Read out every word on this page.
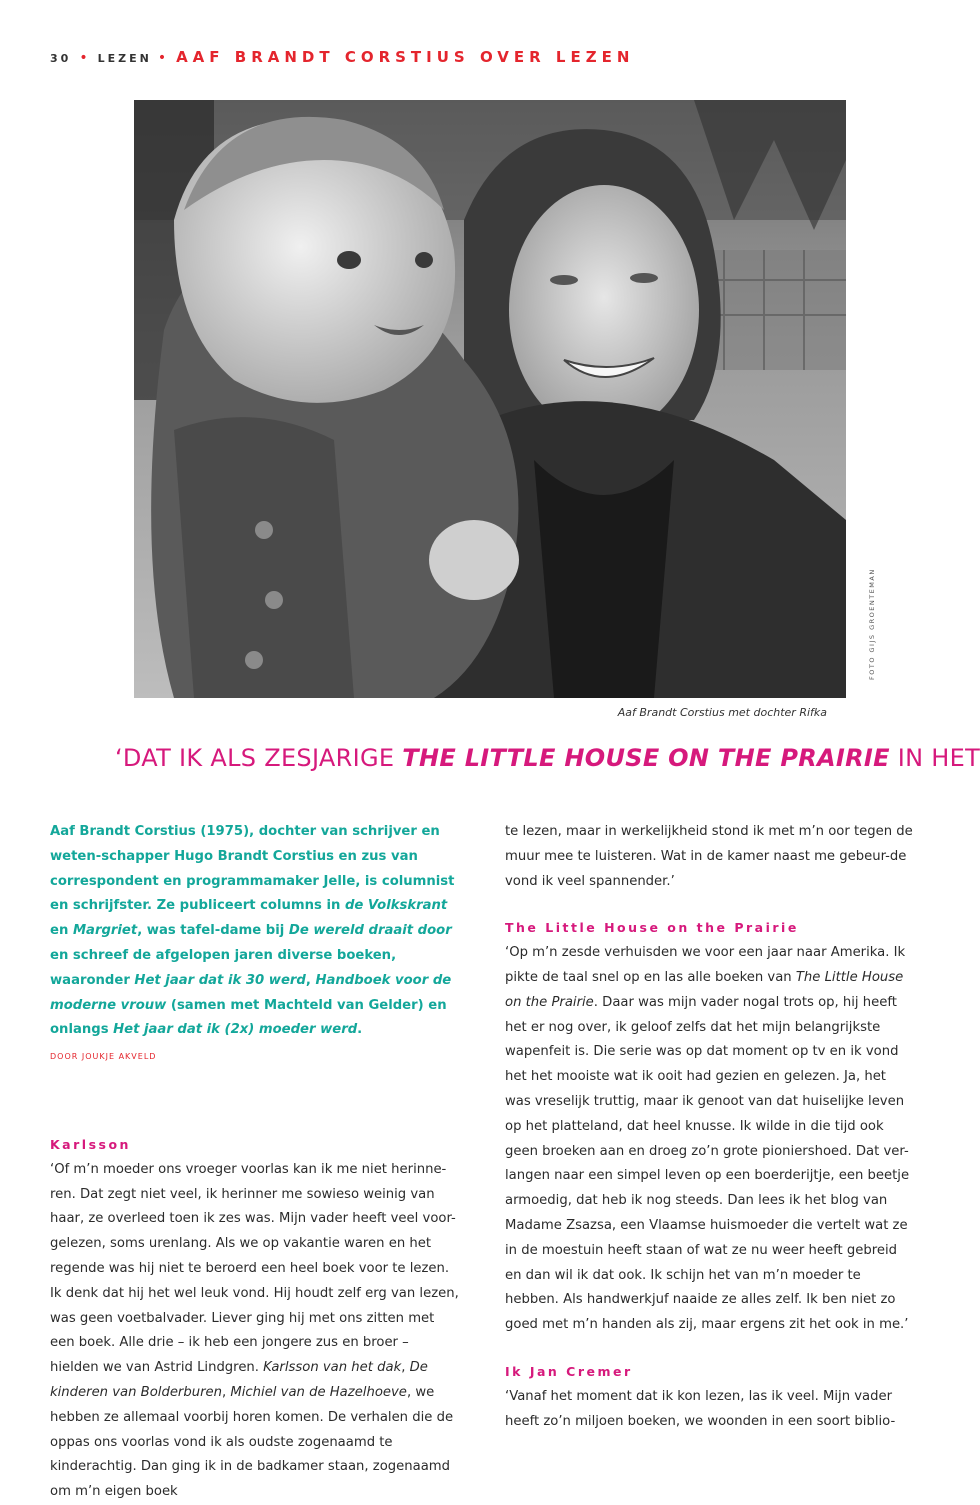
30 • LEZEN • AAF BRANDT CORSTIUS OVER LEZEN
FOTO GIJS GROENTEMAN
Aaf Brandt Corstius met dochter Rifka
‘DAT IK ALS ZESJARIGE THE LITTLE HOUSE ON THE PRAIRIE IN HET

Aaf Brandt Corstius (1975), dochter van schrijver en weten-schapper Hugo Brandt Corstius en zus van correspondent en programmamaker Jelle, is columnist en schrijfster. Ze publiceert columns in de Volkskrant en Margriet, was tafel-dame bij De wereld draait door en schreef de afgelopen jaren diverse boeken, waaronder Het jaar dat ik 30 werd, Handboek voor de moderne vrouw (samen met Machteld van Gelder) en onlangs Het jaar dat ik (2x) moeder werd.

DOOR JOUKJE AKVELD

Karlsson

‘Of m’n moeder ons vroeger voorlas kan ik me niet herinne-ren. Dat zegt niet veel, ik herinner me sowieso weinig van haar, ze overleed toen ik zes was. Mijn vader heeft veel voor-gelezen, soms urenlang. Als we op vakantie waren en het regende was hij niet te beroerd een heel boek voor te lezen. Ik denk dat hij het wel leuk vond. Hij houdt zelf erg van lezen, was geen voetbalvader. Liever ging hij met ons zitten met een boek. Alle drie – ik heb een jongere zus en broer – hielden we van Astrid Lindgren. Karlsson van het dak, De kinderen van Bolderburen, Michiel van de Hazelhoeve, we hebben ze allemaal voorbij horen komen. De verhalen die de oppas ons voorlas vond ik als oudste zogenaamd te kinderachtig. Dan ging ik in de badkamer staan, zogenaamd om m’n eigen boek

te lezen, maar in werkelijkheid stond ik met m’n oor tegen de muur mee te luisteren. Wat in de kamer naast me gebeur-de vond ik veel spannender.’

The Little House on the Prairie

‘Op m’n zesde verhuisden we voor een jaar naar Amerika. Ik pikte de taal snel op en las alle boeken van The Little House on the Prairie. Daar was mijn vader nogal trots op, hij heeft het er nog over, ik geloof zelfs dat het mijn belangrijkste wapenfeit is. Die serie was op dat moment op tv en ik vond het het mooiste wat ik ooit had gezien en gelezen. Ja, het was vreselijk truttig, maar ik genoot van dat huiselijke leven op het platteland, dat heel knusse. Ik wilde in die tijd ook geen broeken aan en droeg zo’n grote pioniershoed. Dat ver-langen naar een simpel leven op een boerderijtje, een beetje armoedig, dat heb ik nog steeds. Dan lees ik het blog van Madame Zsazsa, een Vlaamse huismoeder die vertelt wat ze in de moestuin heeft staan of wat ze nu weer heeft gebreid en dan wil ik dat ook. Ik schijn het van m’n moeder te hebben. Als handwerkjuf naaide ze alles zelf. Ik ben niet zo goed met m’n handen als zij, maar ergens zit het ook in me.’

Ik Jan Cremer

‘Vanaf het moment dat ik kon lezen, las ik veel. Mijn vader heeft zo’n miljoen boeken, we woonden in een soort biblio-
